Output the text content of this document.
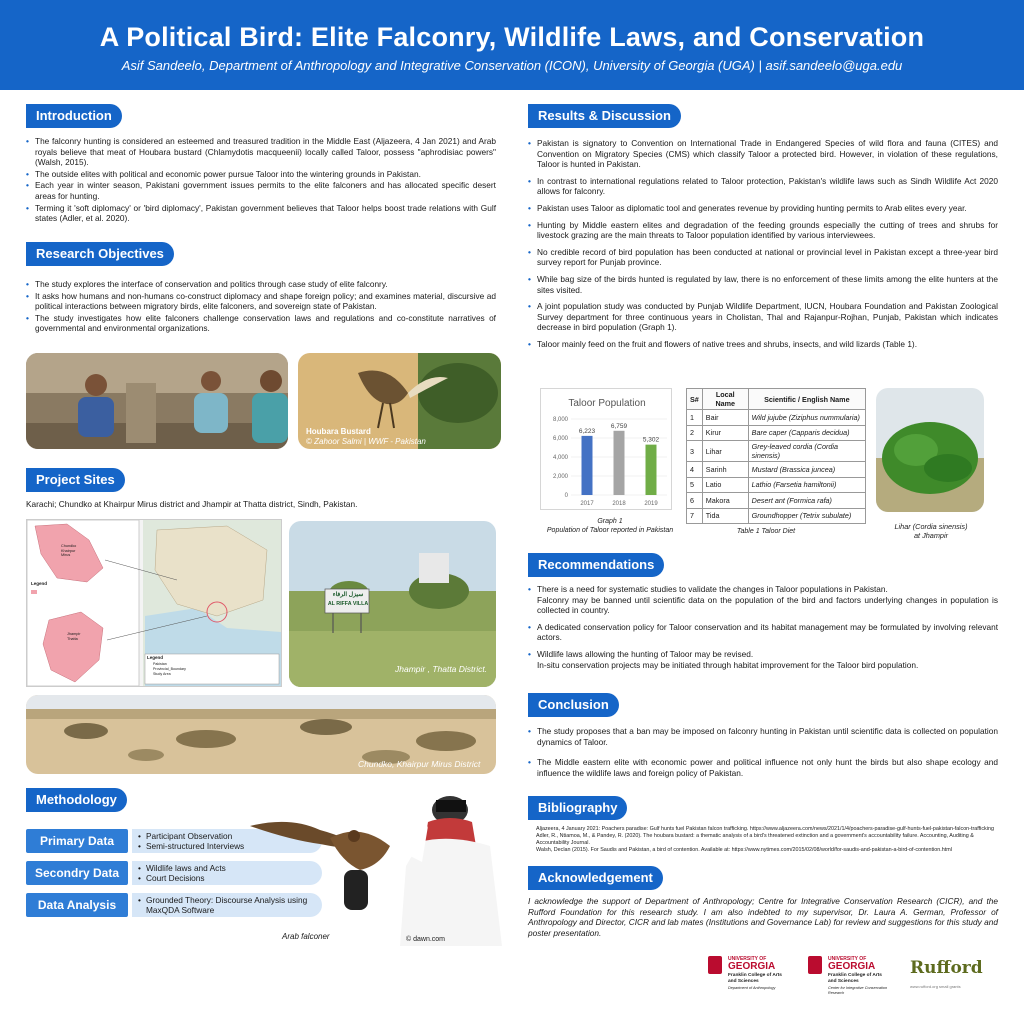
A Political Bird: Elite Falconry, Wildlife Laws, and Conservation
Asif Sandeelo, Department of Anthropology and Integrative Conservation (ICON), University of Georgia (UGA) | asif.sandeelo@uga.edu
Introduction
• The falconry hunting is considered an esteemed and treasured tradition in the Middle East (Aljazeera, 4 Jan 2021) and Arab royals believe that meat of Houbara bustard (Chlamydotis macqueenii) locally called Taloor, possess "aphrodisiac powers" (Walsh, 2015).
• The outside elites with political and economic power pursue Taloor into the wintering grounds in Pakistan.
• Each year in winter season, Pakistani government issues permits to the elite falconers and has allocated specific desert areas for hunting.
• Terming it 'soft diplomacy' or 'bird diplomacy', Pakistan government believes that Taloor helps boost trade relations with Gulf states (Adler, et al. 2020).
Research Objectives
• The study explores the interface of conservation and politics through case study of elite falconry.
• It asks how humans and non-humans co-construct diplomacy and shape foreign policy; and examines material, discursive ad political interactions between migratory birds, elite falconers, and sovereign state of Pakistan.
• The study investigates how elite falconers challenge conservation laws and regulations and co-constitute narratives of governmental and environmental organizations.
Houbara Bustard
© Zahoor Salmi | WWF - Pakistan
Project Sites
Karachi; Chundko at Khairpur Mirus district and Jhampir at Thatta district, Sindh, Pakistan.
Chundko Khairpur Mirus
Jhampir Thatta
Legend
Legend
Pakistan
Provincial_Boundary
Study Area
سيزل الرفاء
AL RIFFA VILLA
Jhampir , Thatta District.
Chundko, Khairpur Mirus District
Methodology
Primary Data	• Participant Observation
• Semi-structured Interviews
Secondry Data	• Wildlife laws and Acts
• Court Decisions
Data Analysis	• Grounded Theory: Discourse Analysis using MaxQDA Software
Arab falconer	© dawn.com
Results & Discussion
• Pakistan is signatory to Convention on International Trade in Endangered Species of wild flora and fauna (CITES) and Convention on Migratory Species (CMS) which classify Taloor a protected bird. However, in violation of these regulations, Taloor is hunted in Pakistan.
• In contrast to international regulations related to Taloor protection, Pakistan's wildlife laws such as Sindh Wildlife Act 2020 allows for falconry.
• Pakistan uses Taloor as diplomatic tool and generates revenue by providing hunting permits to Arab elites every year.
• Hunting by Middle eastern elites and degradation of the feeding grounds especially the cutting of trees and shrubs for livestock grazing are the main threats to Taloor population identified by various interviewees.
• No credible record of bird population has been conducted at national or provincial level in Pakistan except a three-year bird survey report for Punjab province.
• While bag size of the birds hunted is regulated by law, there is no enforcement of these limits among the elite hunters at the sites visited.
• A joint population study was conducted by Punjab Wildlife Department, IUCN, Houbara Foundation and Pakistan Zoological Survey department for three continuous years in Cholistan, Thal and Rajanpur-Rojhan, Punjab, Pakistan which indicates decrease in bird population (Graph 1).
• Taloor mainly feed on the fruit and flowers of native trees and shrubs, insects, and wild lizards (Table 1).
Taloor Population
0
2,000
4,000
6,000
8,000
6,223
2017
6,759
2018
5,302
2019
Graph 1
Population of Taloor reported in Pakistan
S#	Local Name	Scientific / English Name
1	Bair	Wild jujube (Ziziphus nummularia)
2	Kirur	Bare caper (Capparis decidua)
3	Lihar	Grey-leaved cordia (Cordia sinensis)
4	Sarinh	Mustard (Brassica juncea)
5	Latio	Lathio (Farsetia hamiltonii)
6	Makora	Desert ant (Formica rafa)
7	Tida	Groundhopper (Tetrix subulate)
Table 1 Taloor Diet
Lihar (Cordia sinensis)
at Jhampir
Recommendations
• There is a need for systematic studies to validate the changes in Taloor populations in Pakistan.
Falconry may be banned until scientific data on the population of the bird and factors underlying changes in population is collected in country.
• A dedicated conservation policy for Taloor conservation and its habitat management may be formulated by involving relevant actors.
• Wildlife laws allowing the hunting of Taloor may be revised.
In-situ conservation projects may be initiated through habitat improvement for the Taloor bird population.
Conclusion
• The study proposes that a ban may be imposed on falconry hunting in Pakistan until scientific data is collected on population dynamics of Taloor.
• The Middle eastern elite with economic power and political influence not only hunt the birds but also shape ecology and influence the wildlife laws and foreign policy of Pakistan.
Bibliography
Aljazeera, 4 January 2021: Poachers paradise: Gulf hunts fuel Pakistan falcon trafficking. https://www.aljazeera.com/news/2021/1/4/poachers-paradise-gulf-hunts-fuel-pakistan-falcon-trafficking
Adler, R., Ntiamoa, M., & Pandey, R. (2020). The houbara bustard: a thematic analysis of a bird's threatened extinction and a government's accountability failure. Accounting, Auditing & Accountability Journal.
Walsh, Declan (2015). For Saudis and Pakistan, a bird of contention. Available at: https://www.nytimes.com/2015/02/08/world/for-saudis-and-pakistan-a-bird-of-contention.html
Acknowledgement
I acknowledge the support of Department of Anthropology; Centre for Integrative Conservation Research (CICR), and the Rufford Foundation for this research study. I am also indebted to my supervisor, Dr. Laura A. German, Professor of Anthropology and Director, CICR and lab mates (Institutions and Governance Lab) for review and suggestions for this study and poster presentation.
UNIVERSITY OF
GEORGIA
Franklin College of Arts and Sciences
Department of Anthropology
UNIVERSITY OF
GEORGIA
Franklin College of Arts and Sciences
Center for Integrative Conservation Research
Rufford
www.rufford.org small grants
